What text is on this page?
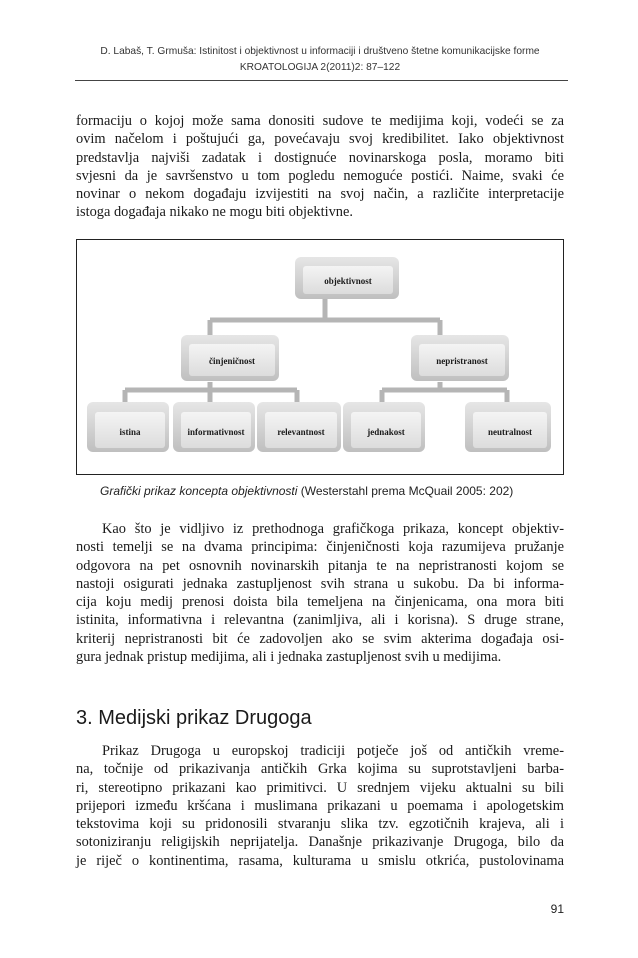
D. Labaš, T. Grmuša: Istinitost i objektivnost u informaciji i društveno štetne komunikacijske forme
KROATOLOGIJA 2(2011)2: 87–122
formaciju o kojoj može sama donositi sudove te medijima koji, vodeći se za
ovim načelom i poštujući ga, povećavaju svoj kredibilitet. Iako objektivnost
predstavlja najviši zadatak i dostignuće novinarskoga posla, moramo biti
svjesni da je savršenstvo u tom pogledu nemoguće postići. Naime, svaki će
novinar o nekom događaju izvijestiti na svoj način, a različite interpretacije
istoga događaja nikako ne mogu biti objektivne.
objektivnost
činjeničnost	nepristranost
istina	informativnost	relevantnost	jednakost	neutralnost
Grafički prikaz koncepta objektivnosti (Westerstahl prema McQuail 2005: 202)
Kao što je vidljivo iz prethodnoga grafičkoga prikaza, koncept objektiv-
nosti temelji se na dvama principima: činjeničnosti koja razumijeva pružanje
odgovora na pet osnovnih novinarskih pitanja te na nepristranosti kojom se
nastoji osigurati jednaka zastupljenost svih strana u sukobu. Da bi informa-
cija koju medij prenosi doista bila temeljena na činjenicama, ona mora biti
istinita, informativna i relevantna (zanimljiva, ali i korisna). S druge strane,
kriterij nepristranosti bit će zadovoljen ako se svim akterima događaja osi-
gura jednak pristup medijima, ali i jednaka zastupljenost svih u medijima.
3. Medijski prikaz Drugoga
Prikaz Drugoga u europskoj tradiciji potječe još od antičkih vreme-
na, točnije od prikazivanja antičkih Grka kojima su suprotstavljeni barba-
ri, stereotipno prikazani kao primitivci. U srednjem vijeku aktualni su bili
prijepori između kršćana i muslimana prikazani u poemama i apologetskim
tekstovima koji su pridonosili stvaranju slika tzv. egzotičnih krajeva, ali i
sotoniziranju religijskih neprijatelja. Današnje prikazivanje Drugoga, bilo da
je riječ o kontinentima, rasama, kulturama u smislu otkrića, pustolovinama
91
